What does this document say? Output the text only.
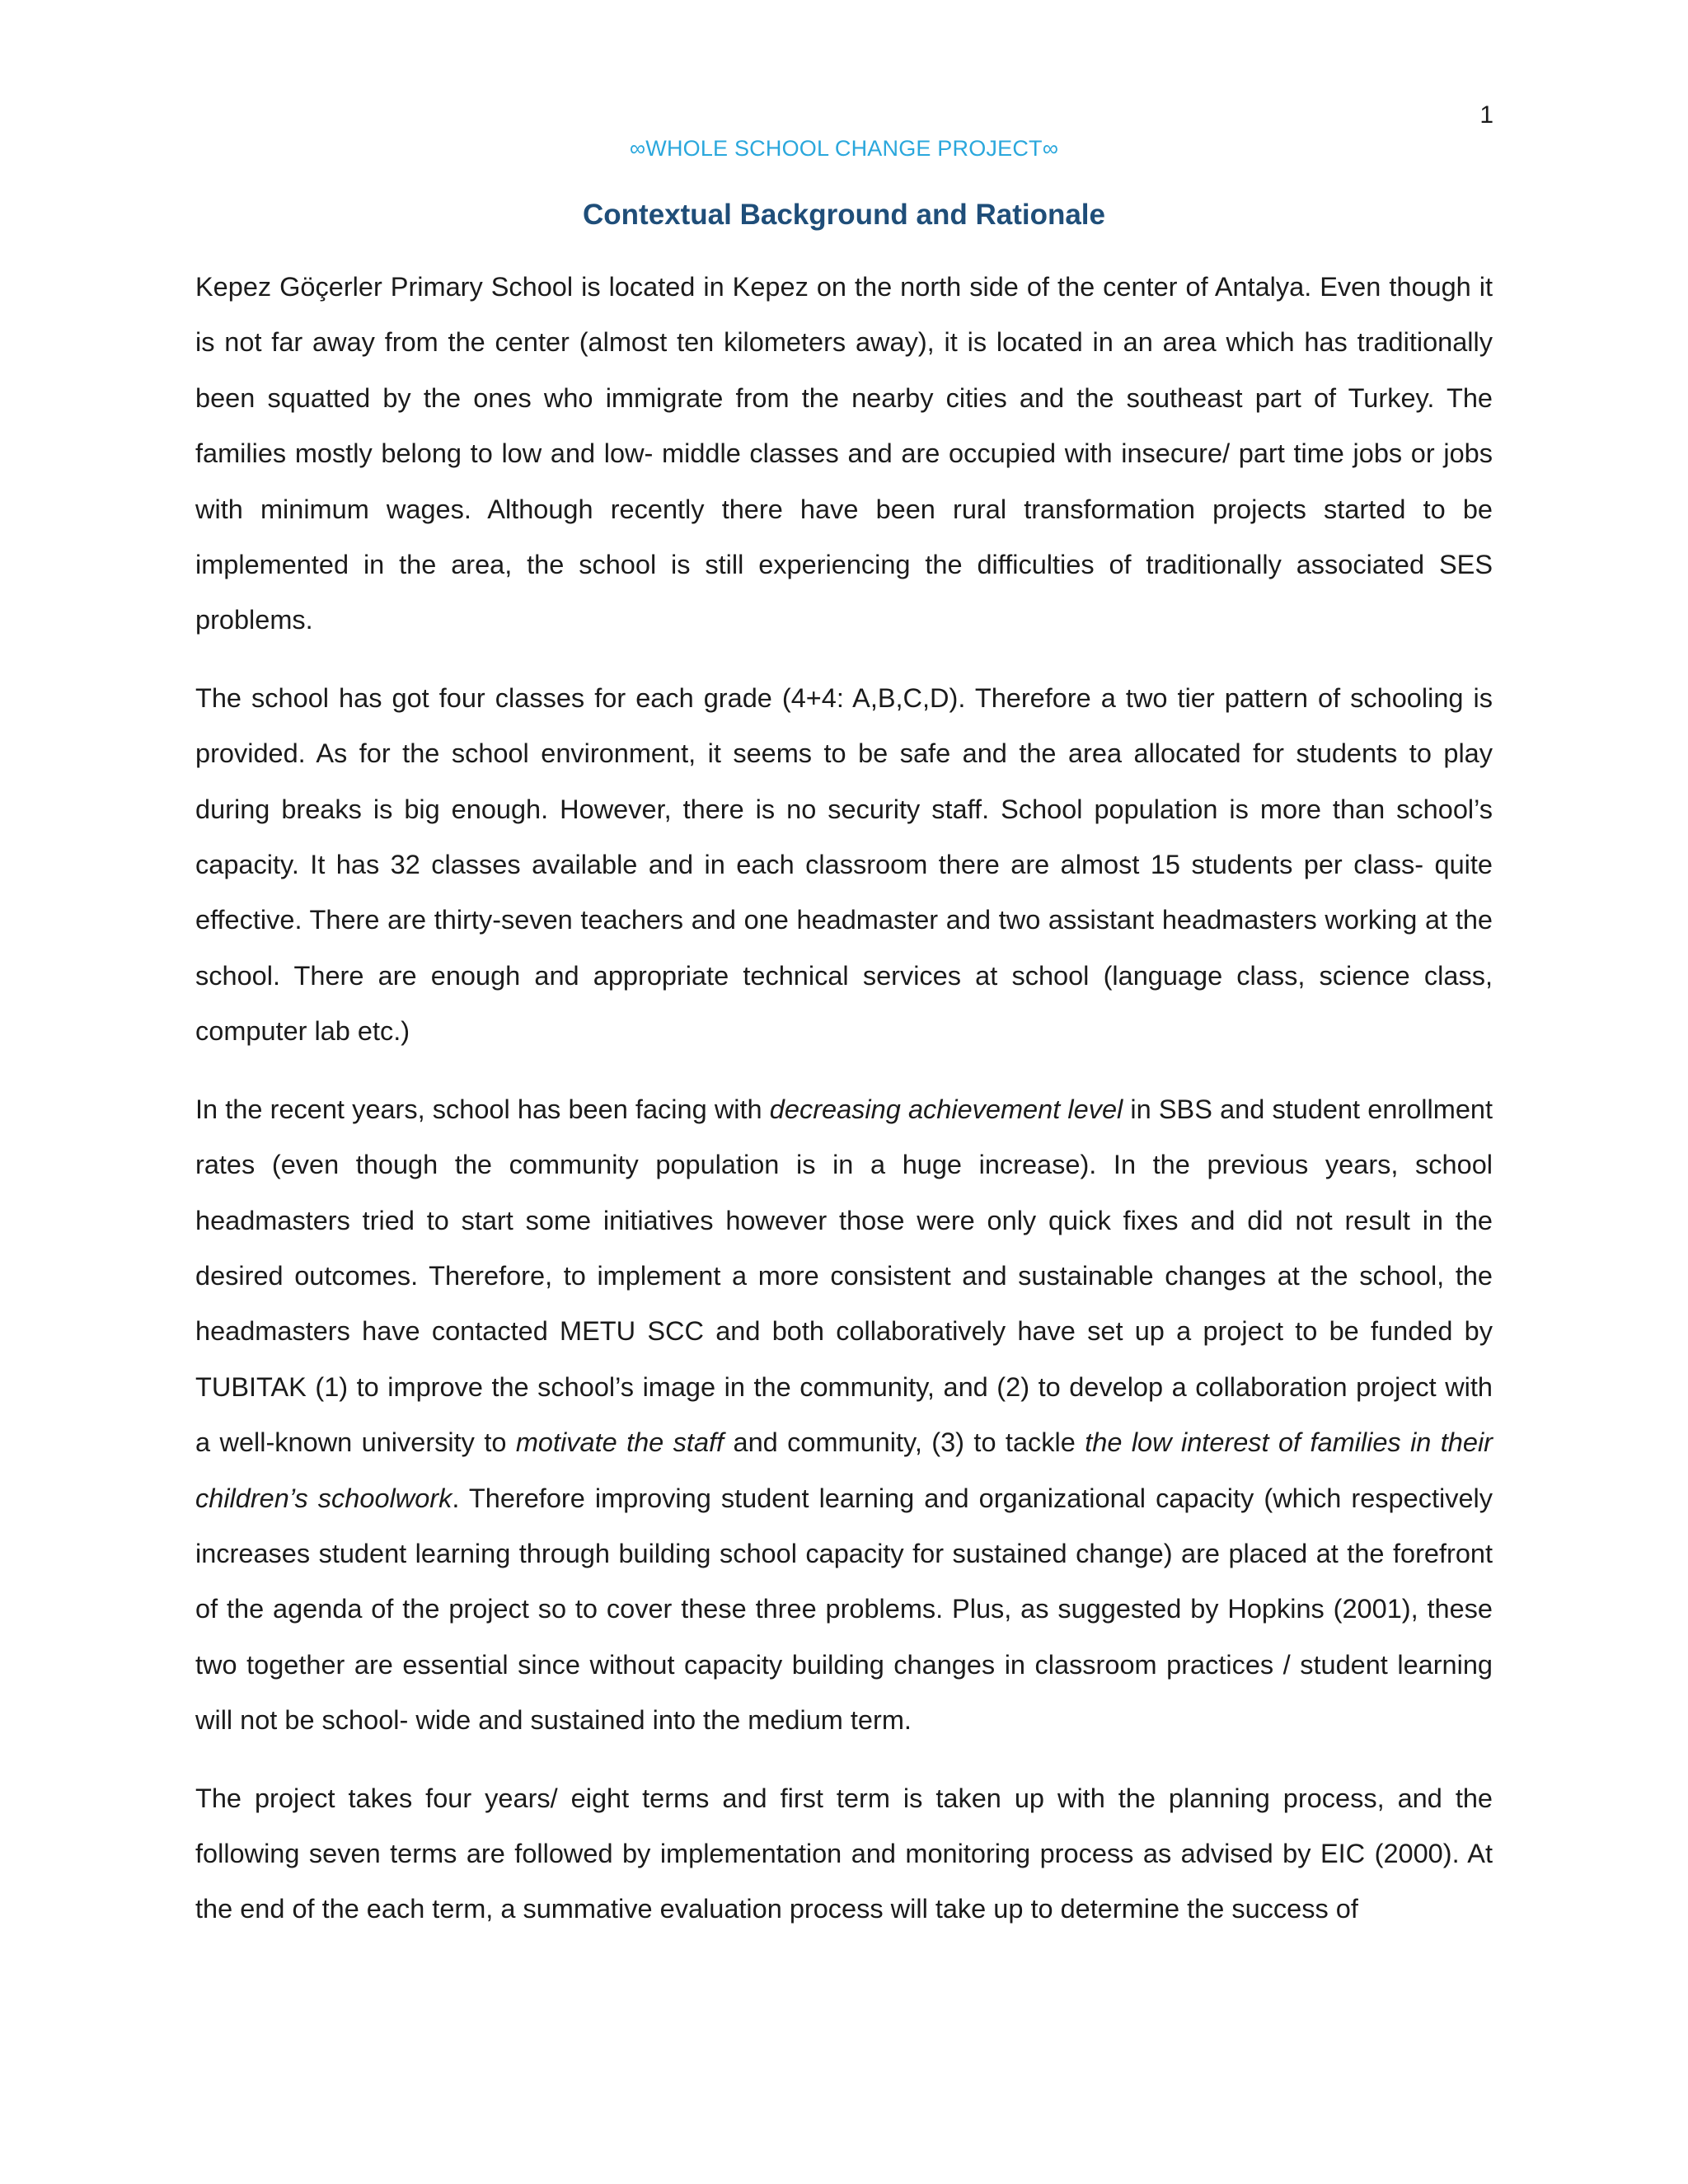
1
∞WHOLE SCHOOL CHANGE PROJECT∞
Contextual Background and Rationale

Kepez Göçerler Primary School is located in Kepez on the north side of the center of Antalya. Even though it is not far away from the center (almost ten kilometers away), it is located in an area which has traditionally been squatted by the ones who immigrate from the nearby cities and the southeast part of Turkey. The families mostly belong to low and low- middle classes and are occupied with insecure/ part time jobs or jobs with minimum wages. Although recently there have been rural transformation projects started to be implemented in the area, the school is still experiencing the difficulties of traditionally associated SES problems.

The school has got four classes for each grade (4+4: A,B,C,D). Therefore a two tier pattern of schooling is provided. As for the school environment, it seems to be safe and the area allocated for students to play during breaks is big enough. However, there is no security staff. School population is more than school’s capacity. It has 32 classes available and in each classroom there are almost 15 students per class- quite effective. There are thirty-seven teachers and one headmaster and two assistant headmasters working at the school. There are enough and appropriate technical services at school (language class, science class, computer lab etc.)

In the recent years, school has been facing with decreasing achievement level in SBS and student enrollment rates (even though the community population is in a huge increase). In the previous years, school headmasters tried to start some initiatives however those were only quick fixes and did not result in the desired outcomes. Therefore, to implement a more consistent and sustainable changes at the school, the headmasters have contacted METU SCC and both collaboratively have set up a project to be funded by TUBITAK (1) to improve the school’s image in the community, and (2) to develop a collaboration project with a well-known university to motivate the staff and community, (3) to tackle the low interest of families in their children’s schoolwork. Therefore improving student learning and organizational capacity (which respectively increases student learning through building school capacity for sustained change) are placed at the forefront of the agenda of the project so to cover these three problems. Plus, as suggested by Hopkins (2001), these two together are essential since without capacity building changes in classroom practices / student learning will not be school- wide and sustained into the medium term.

The project takes four years/ eight terms and first term is taken up with the planning process, and the following seven terms are followed by implementation and monitoring process as advised by EIC (2000). At the end of the each term, a summative evaluation process will take up to determine the success of
